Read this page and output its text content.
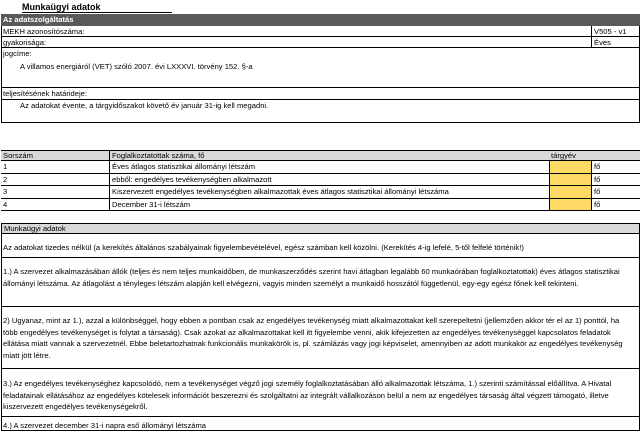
Munkaügyi adatok
Az adatszolgáltatás
MEKH azonosítószáma:	V505 - v1
gyakorisága:	Éves
jogcíme:
A villamos energiáról (VET) szóló 2007. évi LXXXVI. törvény 152. §-a
teljesítésének határideje:
Az adatokat évente, a tárgyidőszakot követő év január 31-ig kell megadni.
Sorszám	Foglalkoztatottak száma, fő	tárgyév
1	Éves átlagos statisztikai állományi létszám	fő
2	ebből: engedélyes tevékenységben alkalmazott	fő
3	Kiszervezett engedélyes tevékenységben alkalmazottak éves átlagos statisztikai állományi létszáma	fő
4	December 31-i létszám	fő
Munkaügyi adatok
Az adatokat tizedes nélkül (a kerekítés általános szabályainak figyelembevételével, egész számban kell közölni. (Kerekítés 4-ig lefelé, 5-től felfelé történik!)
1.) A szervezet alkalmazásában állók (teljes és nem teljes munkaidőben, de munkaszerződés szerint havi átlagban legalább 60 munkaórában foglalkoztatottak) éves átlagos statisztikai állományi létszáma. Az átlagolást a tényleges létszám alapján kell elvégezni, vagyis minden személyt a munkaidő hosszától függetlenül, egy-egy egész főnek kell tekinteni.
2) Ugyanaz, mint az 1.), azzal a különbséggel, hogy ebben a pontban csak az engedélyes tevékenység miatt alkalmazottakat kell szerepeltetni (jellemzően akkor tér el az 1) ponttól, ha több engedélyes tevékenységet is folytat a társaság). Csak azokat az alkalmazottakat kell itt figyelembe venni, akik kifejezetten az engedélyes tevékenységgel kapcsolatos feladatok ellátása miatt vannak a szervezetnél. Ebbe beletartozhatnak funkcionális munkakörök is, pl. számlázás vagy jogi képviselet, amennyiben az adott munkakör az engedélyes tevékenység miatt jött létre.
3.) Az engedélyes tevékenységhez kapcsolódó, nem a tevékenységet végző jogi személy foglalkoztatásában álló alkalmazottak létszáma, 1.) szerinti számítással előállítva. A Hivatal feladatainak ellátásához az engedélyes kötelesek információt beszerezni és szolgáltatni az integrált vállalkozáson belül a nem az engedélyes társaság által végzett támogató, illetve kiszervezett engedélyes tevékenységekről.
4.) A szervezet december 31-i napra eső állományi létszáma
